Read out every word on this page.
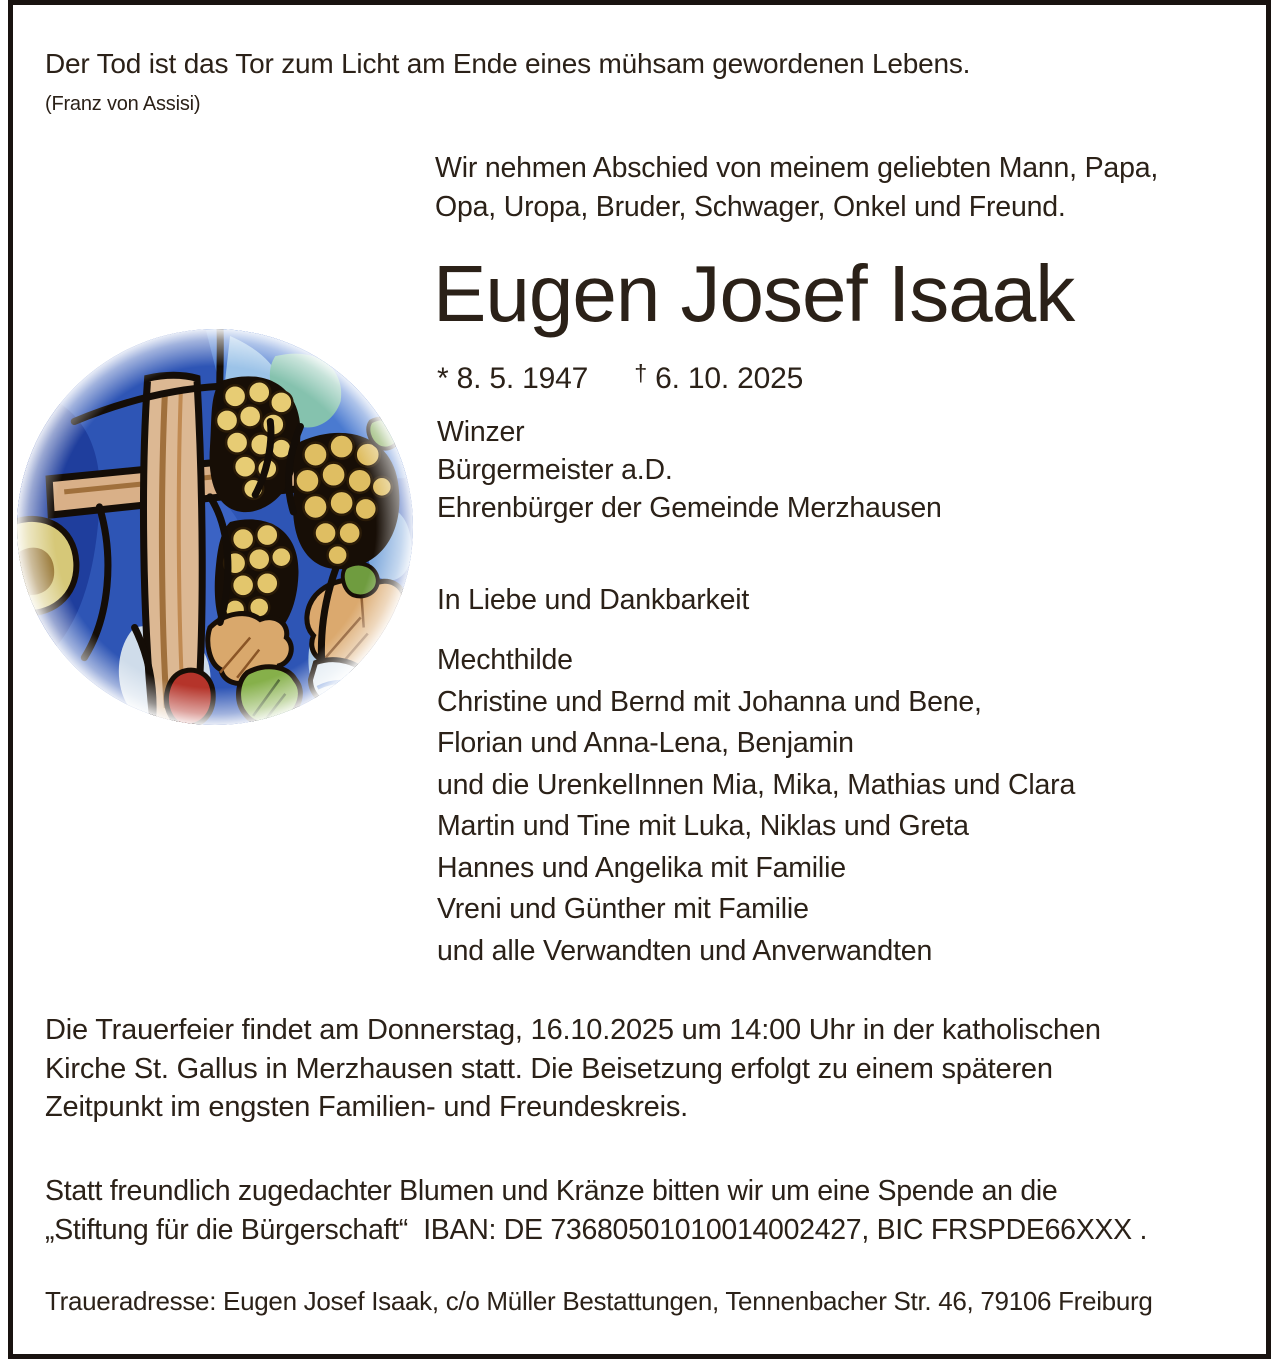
Der Tod ist das Tor zum Licht am Ende eines mühsam gewordenen Lebens.
(Franz von Assisi)
Wir nehmen Abschied von meinem geliebten Mann, Papa,
Opa, Uropa, Bruder, Schwager, Onkel und Freund.
Eugen Josef Isaak
* 8. 5. 1947 † 6. 10. 2025
Winzer
Bürgermeister a.D.
Ehrenbürger der Gemeinde Merzhausen
In Liebe und Dankbarkeit
Mechthilde
Christine und Bernd mit Johanna und Bene,
Florian und Anna-Lena, Benjamin
und die UrenkelInnen Mia, Mika, Mathias und Clara
Martin und Tine mit Luka, Niklas und Greta
Hannes und Angelika mit Familie
Vreni und Günther mit Familie
und alle Verwandten und Anverwandten
Die Trauerfeier findet am Donnerstag, 16.10.2025 um 14:00 Uhr in der katholischen
Kirche St. Gallus in Merzhausen statt. Die Beisetzung erfolgt zu einem späteren
Zeitpunkt im engsten Familien- und Freundeskreis.
Statt freundlich zugedachter Blumen und Kränze bitten wir um eine Spende an die
„Stiftung für die Bürgerschaft“  IBAN: DE 73680501010014002427, BIC FRSPDE66XXX .
Traueradresse: Eugen Josef Isaak, c/o Müller Bestattungen, Tennenbacher Str. 46, 79106 Freiburg
